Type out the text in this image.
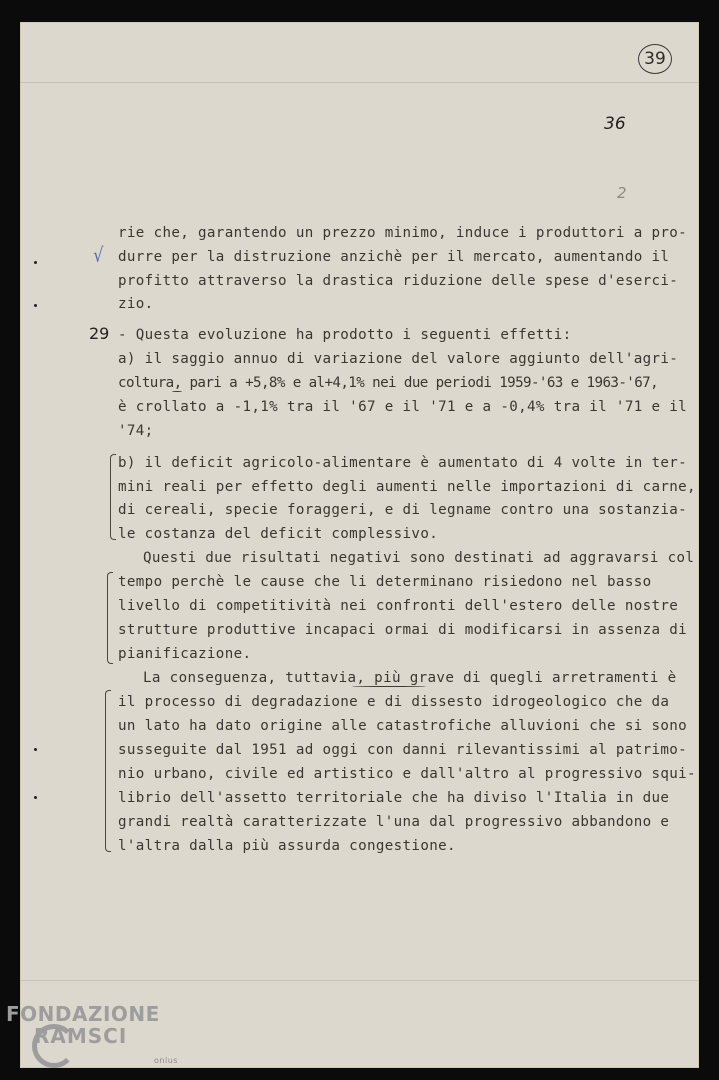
39
36
2
√
29
rie che, garantendo un prezzo minimo, induce i produttori a pro-
durre per la distruzione anzichè per il mercato, aumentando il
profitto attraverso la drastica riduzione delle spese d'eserci-
zio.
- Questa evoluzione ha prodotto i seguenti effetti:
a) il saggio annuo di variazione del valore aggiunto dell'agri-
coltura, pari a +5,8% e al+4,1% nei due periodi 1959-'63 e 1963-'67,
è crollato a -1,1% tra il '67 e il '71 e a -0,4% tra il '71 e il
'74;
b) il deficit agricolo-alimentare è aumentato di 4 volte in ter-
mini reali per effetto degli aumenti nelle importazioni di carne,
di cereali, specie foraggeri, e di legname contro una sostanzia-
le costanza del deficit complessivo.
Questi due risultati negativi sono destinati ad aggravarsi col
tempo perchè le cause che li determinano risiedono nel basso
livello di competitività nei confronti dell'estero delle nostre
strutture produttive incapaci ormai di modificarsi in assenza di
pianificazione.
La conseguenza, tuttavia, più grave di quegli arretramenti è
il processo di degradazione e di dissesto idrogeologico che da
un lato ha dato origine alle catastrofiche alluvioni che si sono
susseguite dal 1951 ad oggi con danni rilevantissimi al patrimo-
nio urbano, civile ed artistico e dall'altro al progressivo squi-
librio dell'assetto territoriale che ha diviso l'Italia in due
grandi realtà caratterizzate l'una dal progressivo abbandono e
l'altra dalla più assurda congestione.
FONDAZIONE
RAMSCI
onlus
